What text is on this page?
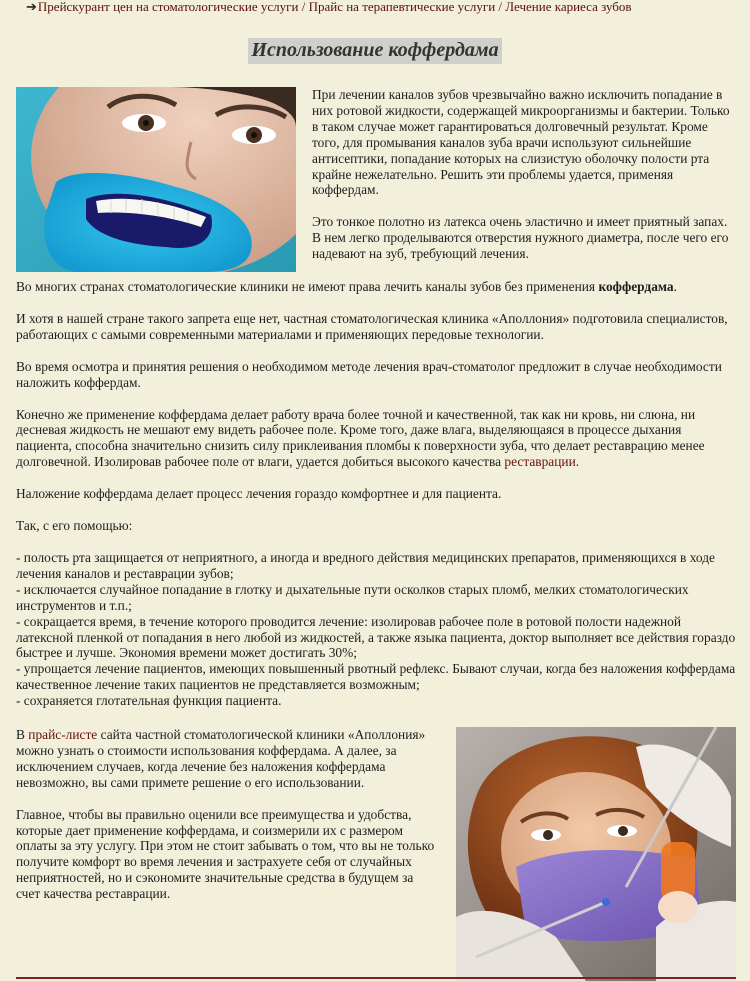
➔Прейскурант цен на стоматологические услуги / Прайс на терапевтические услуги / Лечение кариеса зубов
Использование коффердама

При лечении каналов зубов чрезвычайно важно исключить попадание в них ротовой жидкости, содержащей микроорганизмы и бактерии. Только в таком случае может гарантироваться долговечный результат. Кроме того, для промывания каналов зуба врачи используют сильнейшие антисептики, попадание которых на слизистую оболочку полости рта крайне нежелательно. Решить эти проблемы удается, применяя коффердам.

Это тонкое полотно из латекса очень эластично и имеет приятный запах. В нем легко проделываются отверстия нужного диаметра, после чего его надевают на зуб, требующий лечения.

Во многих странах стоматологические клиники не имеют права лечить каналы зубов без применения коффердама.

И хотя в нашей стране такого запрета еще нет, частная стоматологическая клиника «Аполлония» подготовила специалистов, работающих с самыми современными материалами и применяющих передовые технологии.

Во время осмотра и принятия решения о необходимом методе лечения врач-стоматолог предложит в случае необходимости наложить коффердам.

Конечно же применение коффердама делает работу врача более точной и качественной, так как ни кровь, ни слюна, ни десневая жидкость не мешают ему видеть рабочее поле. Кроме того, даже влага, выделяющаяся в процессе дыхания пациента, способна значительно снизить силу приклеивания пломбы к поверхности зуба, что делает реставрацию менее долговечной. Изолировав рабочее поле от влаги, удается добиться высокого качества реставрации.

Наложение коффердама делает процесс лечения гораздо комфортнее и для пациента.

Так, с его помощью:

- полость рта защищается от неприятного, а иногда и вредного действия медицинских препаратов, применяющихся в ходе лечения каналов и реставрации зубов;

- исключается случайное попадание в глотку и дыхательные пути осколков старых пломб, мелких стоматологических инструментов и т.п.;

- сокращается время, в течение которого проводится лечение: изолировав рабочее поле в ротовой полости надежной латексной пленкой от попадания в него любой из жидкостей, а также языка пациента, доктор выполняет все действия гораздо быстрее и лучше. Экономия времени может достигать 30%;

- упрощается лечение пациентов, имеющих повышенный рвотный рефлекс. Бывают случаи, когда без наложения коффердама качественное лечение таких пациентов не представляется возможным;

- сохраняется глотательная функция пациента.

В прайс-листе сайта частной стоматологической клиники «Аполлония» можно узнать о стоимости использования коффердама. А далее, за исключением случаев, когда лечение без наложения коффердама невозможно, вы сами примете решение о его использовании.

Главное, чтобы вы правильно оценили все преимущества и удобства, которые дает применение коффердама, и соизмерили их с размером оплаты за эту услугу. При этом не стоит забывать о том, что вы не только получите комфорт во время лечения и застрахуете себя от случайных неприятностей, но и сэкономите значительные средства в будущем за счет качества реставрации.
